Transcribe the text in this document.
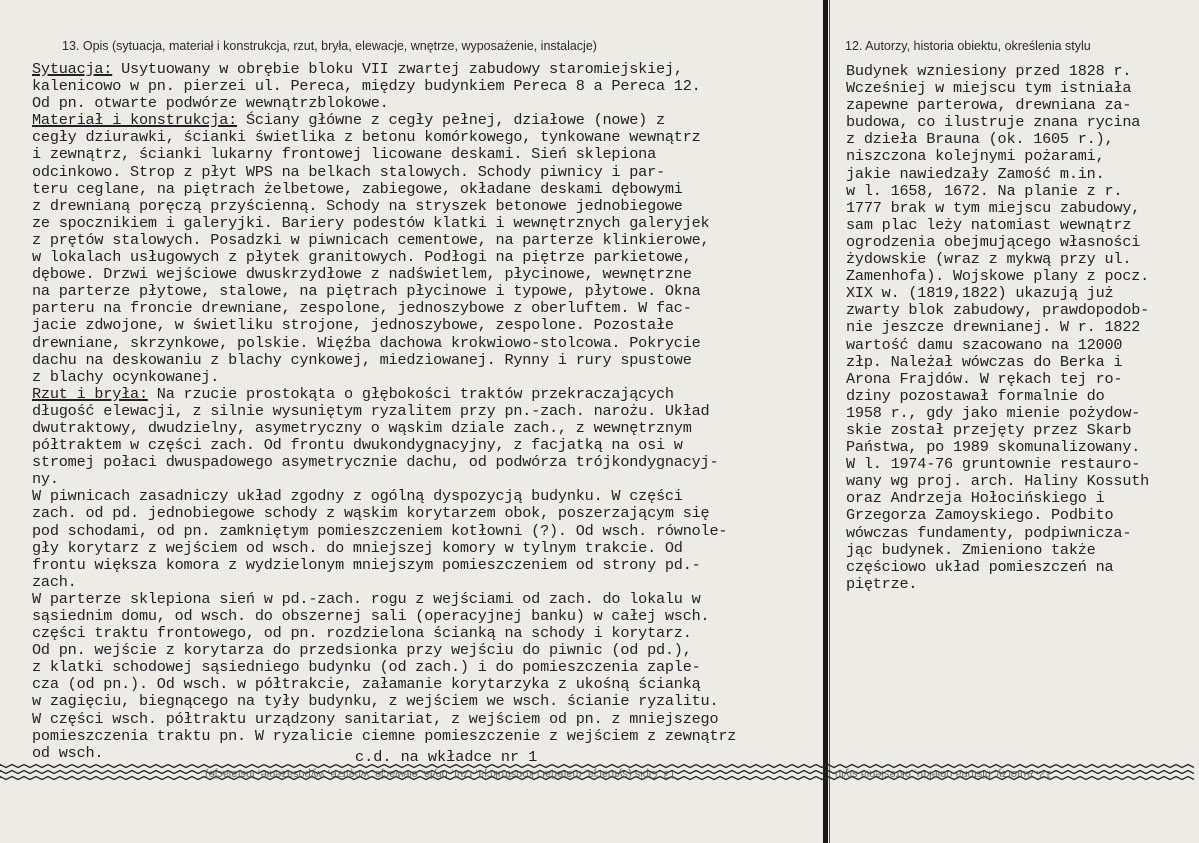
13. Opis (sytuacja, materiał i konstrukcja, rzut, bryła, elewacje, wnętrze, wyposażenie, instalacje)	12. Autorzy, historia obiektu, określenia stylu
Sytuacja: Usytuowany w obrębie bloku VII zwartej zabudowy staromiejskiej,
kalenicowo w pn. pierzei ul. Pereca, między budynkiem Pereca 8 a Pereca 12.
Od pn. otwarte podwórze wewnątrzblokowe.
Materiał i konstrukcja: Ściany główne z cegły pełnej, działowe (nowe) z
cegły dziurawki, ścianki świetlika z betonu komórkowego, tynkowane wewnątrz
i zewnątrz, ścianki lukarny frontowej licowane deskami. Sień sklepiona
odcinkowo. Strop z płyt WPS na belkach stalowych. Schody piwnicy i par-
teru ceglane, na piętrach żelbetowe, zabiegowe, okładane deskami dębowymi
z drewnianą poręczą przyścienną. Schody na stryszek betonowe jednobiegowe
ze spocznikiem i galeryjki. Bariery podestów klatki i wewnętrznych galeryjek
z prętów stalowych. Posadzki w piwnicach cementowe, na parterze klinkierowe,
w lokalach usługowych z płytek granitowych. Podłogi na piętrze parkietowe,
dębowe. Drzwi wejściowe dwuskrzydłowe z nadświetlem, płycinowe, wewnętrzne
na parterze płytowe, stalowe, na piętrach płycinowe i typowe, płytowe. Okna
parteru na froncie drewniane, zespolone, jednoszybowe z oberluftem. W fac-
jacie zdwojone, w świetliku strojone, jednoszybowe, zespolone. Pozostałe
drewniane, skrzynkowe, polskie. Więźba dachowa krokwiowo-stolcowa. Pokrycie
dachu na deskowaniu z blachy cynkowej, miedziowanej. Rynny i rury spustowe
z blachy ocynkowanej.
Rzut i bryła: Na rzucie prostokąta o głębokości traktów przekraczających
długość elewacji, z silnie wysuniętym ryzalitem przy pn.-zach. narożu. Układ
dwutraktowy, dwudzielny, asymetryczny o wąskim dziale zach., z wewnętrznym
półtraktem w części zach. Od frontu dwukondygnacyjny, z facjatką na osi w
stromej połaci dwuspadowego asymetrycznie dachu, od podwórza trójkondygnacyj-
ny.
W piwnicach zasadniczy układ zgodny z ogólną dyspozycją budynku. W części
zach. od pd. jednobiegowe schody z wąskim korytarzem obok, poszerzającym się
pod schodami, od pn. zamkniętym pomieszczeniem kotłowni (?). Od wsch. równole-
gły korytarz z wejściem od wsch. do mniejszej komory w tylnym trakcie. Od
frontu większa komora z wydzielonym mniejszym pomieszczeniem od strony pd.-
zach.
W parterze sklepiona sień w pd.-zach. rogu z wejściami od zach. do lokalu w
sąsiednim domu, od wsch. do obszernej sali (operacyjnej banku) w całej wsch.
części traktu frontowego, od pn. rozdzielona ścianką na schody i korytarz.
Od pn. wejście z korytarza do przedsionka przy wejściu do piwnic (od pd.),
z klatki schodowej sąsiedniego budynku (od zach.) i do pomieszczenia zaple-
cza (od pn.). Od wsch. w półtrakcie, załamanie korytarzyka z ukośną ścianką
w zagięciu, biegnącego na tyły budynku, z wejściem we wsch. ścianie ryzalitu.
W części wsch. półtraktu urządzony sanitariat, z wejściem od pn. z mniejszego
pomieszczenia traktu pn. W ryzalicie ciemne pomieszczenie z wejściem z zewnątrz
od wsch.
Budynek wzniesiony przed 1828 r.
Wcześniej w miejscu tym istniała
zapewne parterowa, drewniana za-
budowa, co ilustruje znana rycina
z dzieła Brauna (ok. 1605 r.),
niszczona kolejnymi pożarami,
jakie nawiedzały Zamość m.in.
w l. 1658, 1672. Na planie z r.
1777 brak w tym miejscu zabudowy,
sam plac leży natomiast wewnątrz
ogrodzenia obejmującego własności
żydowskie (wraz z mykwą przy ul.
Zamenhofa). Wojskowe plany z pocz.
XIX w. (1819,1822) ukazują już
zwarty blok zabudowy, prawdopodob-
nie jeszcze drewnianej. W r. 1822
wartość damu szacowano na 12000
złp. Należał wówczas do Berka i
Arona Frajdów. W rękach tej ro-
dziny pozostawał formalnie do
1958 r., gdy jako mienie pożydow-
skie został przejęty przez Skarb
Państwa, po 1989 skomunalizowany.
W l. 1974-76 gruntownie restauro-
wany wg proj. arch. Haliny Kossuth
oraz Andrzeja Hołocińskiego i
Grzegorza Zamoyskiego. Podbito
wówczas fundamenty, podpiwnicza-
jąc budynek. Zmieniono także
częściowo układ pomieszczeń na
piętrze.
c.d. na wkładce nr 1
13. Opis (sytuacja, materiał i konstrukcja, rzut, bryła, elewacje, wnętrze, wyposażenie, instalacje)	12. Autorzy, historia obiektu, określenia stylu
